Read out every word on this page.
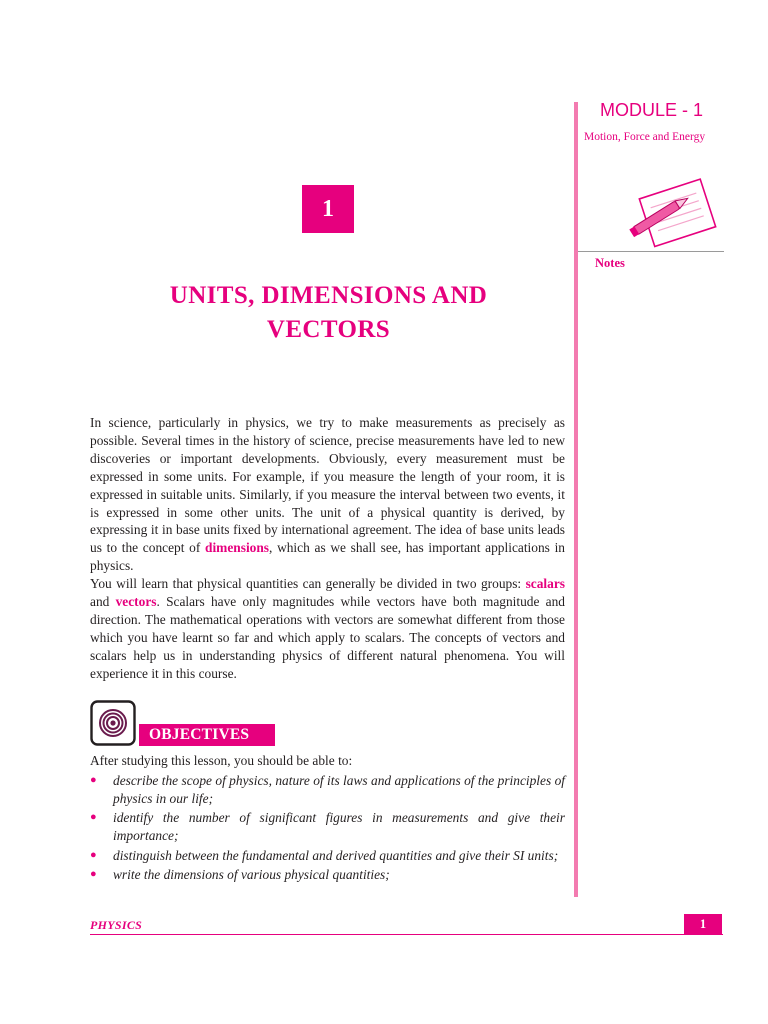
MODULE - 1
Motion, Force and Energy
Notes
1
UNITS, DIMENSIONS AND
VECTORS

In science, particularly in physics, we try to make measurements as precisely as possible. Several times in the history of science, precise measurements have led to new discoveries or important developments. Obviously, every measurement must be expressed in some units. For example, if you measure the length of your room, it is expressed in suitable units. Similarly, if you measure the interval between two events, it is expressed in some other units. The unit of a physical quantity is derived, by expressing it in base units fixed by international agreement. The idea of base units leads us to the concept of dimensions, which as we shall see, has important applications in physics.

You will learn that physical quantities can generally be divided in two groups: scalars and vectors. Scalars have only magnitudes while vectors have both magnitude and direction. The mathematical operations with vectors are somewhat different from those which you have learnt so far and which apply to scalars. The concepts of vectors and scalars help us in understanding physics of different natural phenomena. You will experience it in this course.

OBJECTIVES
After studying this lesson, you should be able to:
● describe the scope of physics, nature of its laws and applications of the principles of physics in our life;
● identify the number of significant figures in measurements and give their importance;
● distinguish between the fundamental and derived quantities and give their SI units;
● write the dimensions of various physical quantities;
PHYSICS	1
